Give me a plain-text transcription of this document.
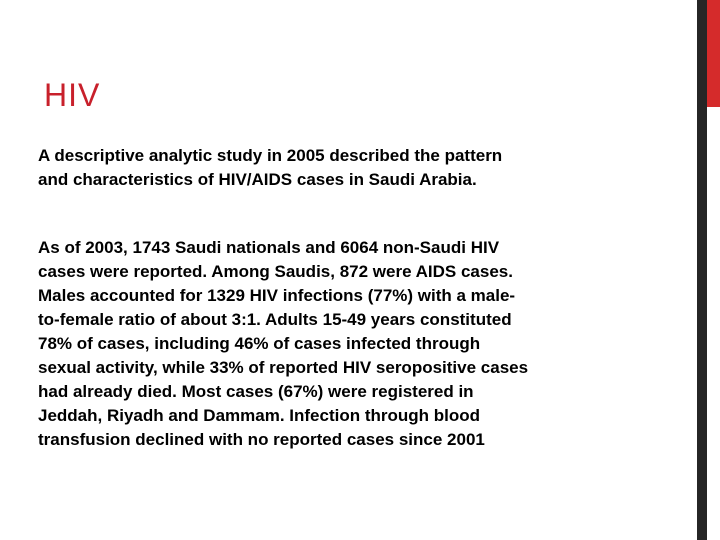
HIV

A descriptive analytic study in 2005 described the pattern
and characteristics of HIV/AIDS cases in Saudi Arabia.

As of 2003, 1743 Saudi nationals and 6064 non-Saudi HIV
cases were reported. Among Saudis, 872 were AIDS cases.
Males accounted for 1329 HIV infections (77%) with a male-
to-female ratio of about 3:1. Adults 15-49 years constituted
78% of cases, including 46% of cases infected through
sexual activity, while 33% of reported HIV seropositive cases
had already died. Most cases (67%) were registered in
Jeddah, Riyadh and Dammam. Infection through blood
transfusion declined with no reported cases since 2001
